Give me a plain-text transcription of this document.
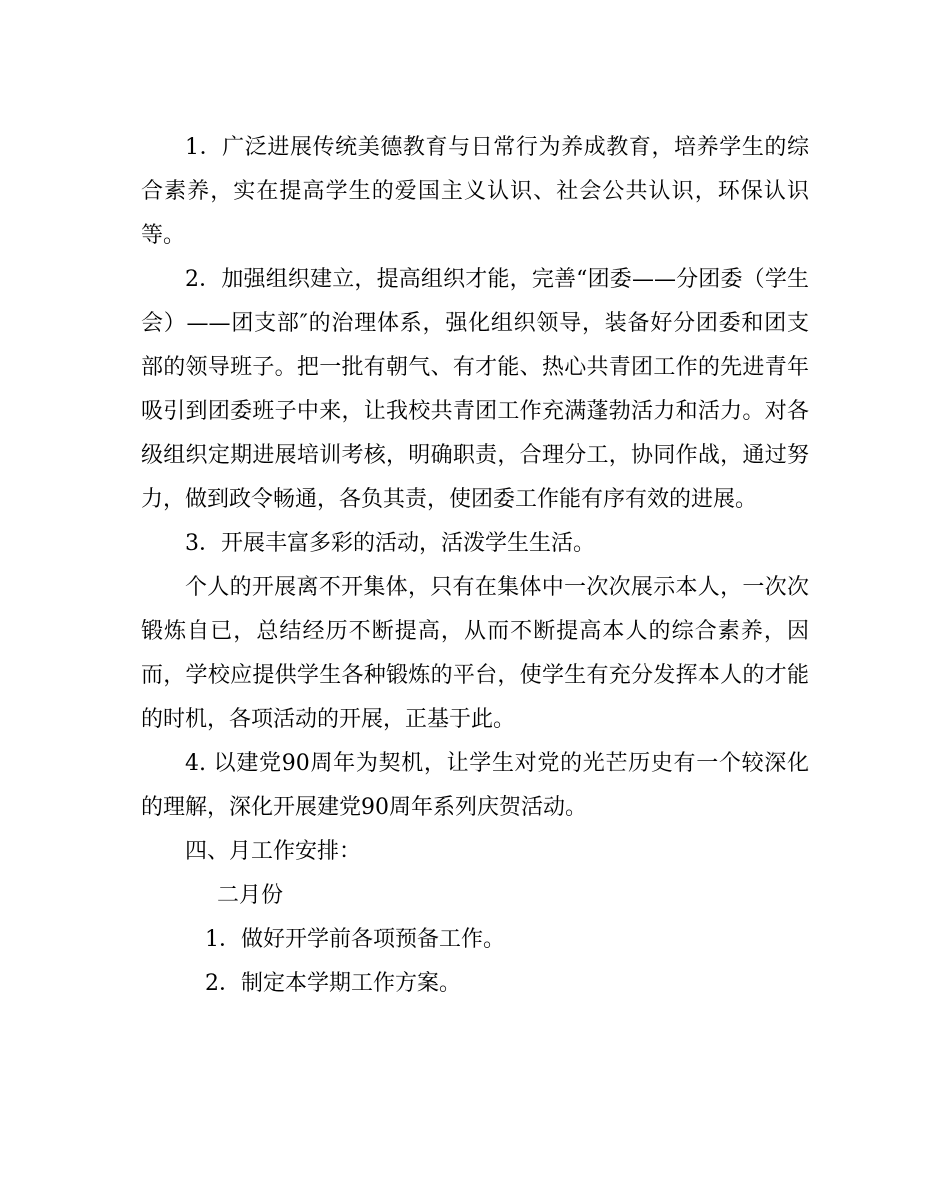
1．广泛进展传统美德教育与日常行为养成教育，培养学生的综合素养，实在提高学生的爱国主义认识、社会公共认识，环保认识等。

2．加强组织建立，提高组织才能，完善“团委——分团委（学生会）——团支部″的治理体系，强化组织领导，装备好分团委和团支部的领导班子。把一批有朝气、有才能、热心共青团工作的先进青年吸引到团委班子中来，让我校共青团工作充满蓬勃活力和活力。对各级组织定期进展培训考核，明确职责，合理分工，协同作战，通过努力，做到政令畅通，各负其责，使团委工作能有序有效的进展。

3．开展丰富多彩的活动，活泼学生生活。

个人的开展离不开集体，只有在集体中一次次展示本人，一次次锻炼自已，总结经历不断提高，从而不断提高本人的综合素养，因而，学校应提供学生各种锻炼的平台，使学生有充分发挥本人的才能的时机，各项活动的开展，正基于此。

4. 以建党90周年为契机，让学生对党的光芒历史有一个较深化的理解，深化开展建党90周年系列庆贺活动。

四、月工作安排：

二月份

1．做好开学前各项预备工作。

2．制定本学期工作方案。
